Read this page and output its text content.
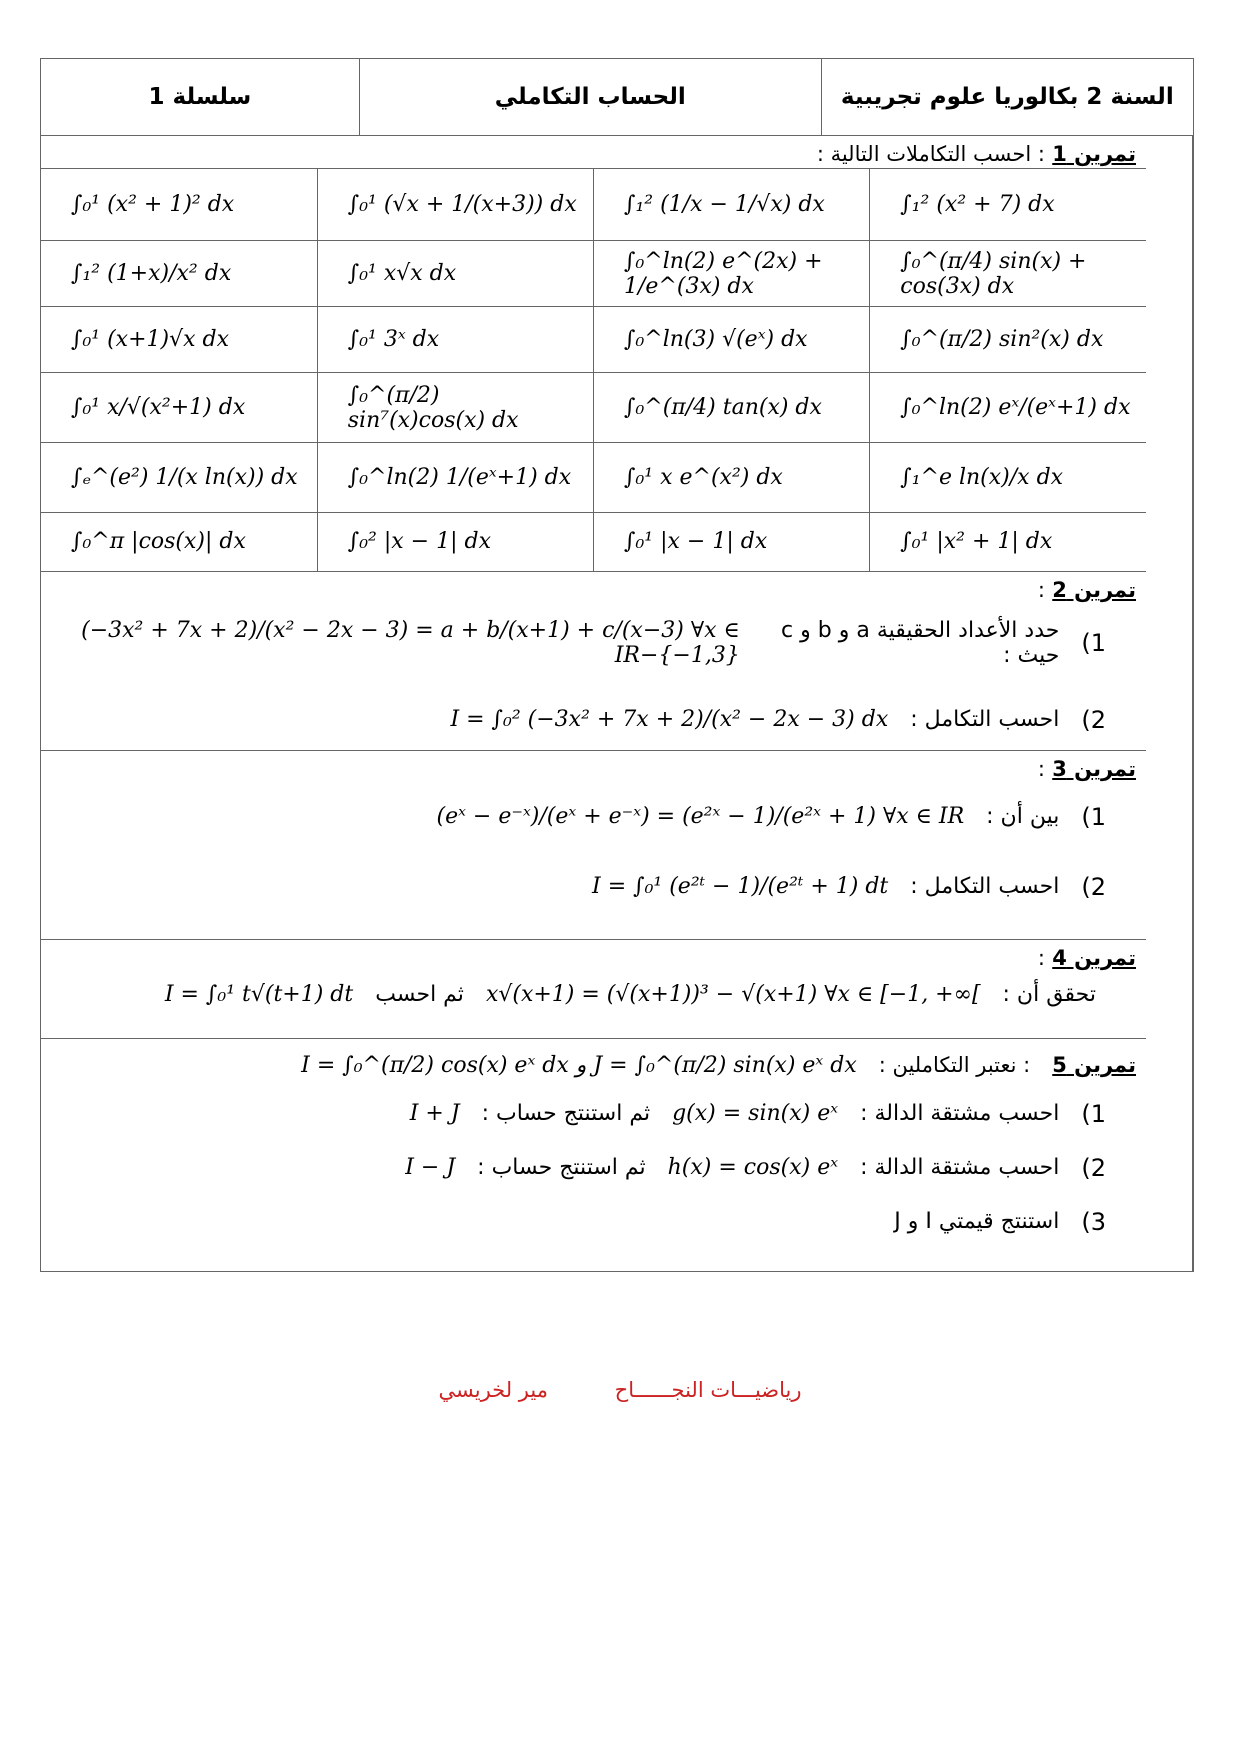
سلسلة 1	الحساب التكاملي	السنة 2 بكالوريا علوم تجريبية
تمرين 1 : احسب التكاملات التالية :
∫₀¹ (x² + 1)² dx	∫₀¹ (√x + 1/(x+3)) dx	∫₁² (1/x − 1/√x) dx	∫₁² (x² + 7) dx
∫₁² (1+x)/x² dx	∫₀¹ x√x dx	∫₀^ln(2) e^(2x) + 1/e^(3x) dx	∫₀^(π/4) sin(x) + cos(3x) dx
∫₀¹ (x+1)√x dx	∫₀¹ 3ˣ dx	∫₀^ln(3) √(eˣ) dx	∫₀^(π/2) sin²(x) dx
∫₀¹ x/√(x²+1) dx	∫₀^(π/2) sin⁷(x)cos(x) dx	∫₀^(π/4) tan(x) dx	∫₀^ln(2) eˣ/(eˣ+1) dx
∫ₑ^(e²) 1/(x ln(x)) dx	∫₀^ln(2) 1/(eˣ+1) dx	∫₀¹ x e^(x²) dx	∫₁^e ln(x)/x dx
∫₀^π |cos(x)| dx	∫₀² |x − 1| dx	∫₀¹ |x − 1| dx	∫₀¹ |x² + 1| dx
تمرين 2 :
1)
حدد الأعداد الحقيقية a و b و c حيث :
(−3x² + 7x + 2)/(x² − 2x − 3) = a + b/(x+1) + c/(x−3) ∀x ∈ IR−{−1,3}
2)
احسب التكامل :
I = ∫₀² (−3x² + 7x + 2)/(x² − 2x − 3) dx
تمرين 3 :
1)
بين أن :
(eˣ − e⁻ˣ)/(eˣ + e⁻ˣ) = (e²ˣ − 1)/(e²ˣ + 1) ∀x ∈ IR
2)
احسب التكامل :
I = ∫₀¹ (e²ᵗ − 1)/(e²ᵗ + 1) dt
تمرين 4 :
تحقق أن :
x√(x+1) = (√(x+1))³ − √(x+1) ∀x ∈ [−1, +∞[
ثم احسب
I = ∫₀¹ t√(t+1) dt
تمرين 5
: نعتبر التكاملين :
I = ∫₀^(π/2) cos(x) eˣ dx و J = ∫₀^(π/2) sin(x) eˣ dx
1)
احسب مشتقة الدالة :
g(x) = sin(x) eˣ
ثم استنتج حساب :
I + J
2)
احسب مشتقة الدالة :
h(x) = cos(x) eˣ
ثم استنتج حساب :
I − J
3)
استنتج قيمتي I و J
رياضيـــات النجــــــاح مير لخريسي
